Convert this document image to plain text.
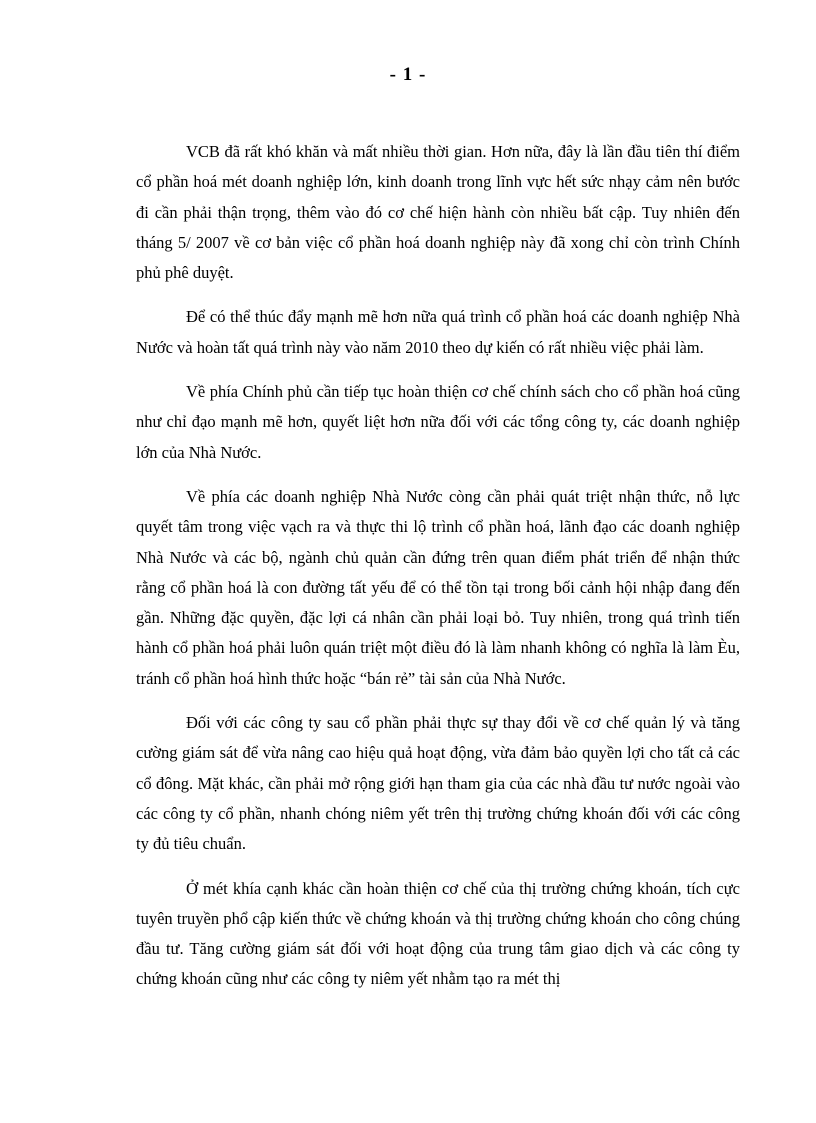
- 1 -

VCB đã rất khó khăn và mất nhiều thời gian. Hơn nữa, đây là lần đầu tiên thí điểm cổ phần hoá mét doanh nghiệp lớn, kinh doanh trong lĩnh vực hết sức nhạy cảm nên bước đi cần phải thận trọng, thêm vào đó cơ chế hiện hành còn nhiều bất cập. Tuy nhiên đến tháng 5/ 2007 về cơ bản việc cổ phần hoá doanh nghiệp này đã xong chỉ còn trình Chính phủ phê duyệt.

Để có thể thúc đẩy mạnh mẽ hơn nữa quá trình cổ phần hoá các doanh nghiệp Nhà Nước và hoàn tất quá trình này vào năm 2010 theo dự kiến có rất nhiều việc phải làm.

Về phía Chính phủ cần tiếp tục hoàn thiện cơ chế chính sách cho cổ phần hoá cũng như chỉ đạo mạnh mẽ hơn, quyết liệt hơn nữa đối với các tổng công ty, các doanh nghiệp lớn của Nhà Nước.

Về phía các doanh nghiệp Nhà Nước còng cần phải quát triệt nhận thức, nỗ lực quyết tâm trong việc vạch ra và thực thi lộ trình cổ phần hoá, lãnh đạo các doanh nghiệp Nhà Nước và các bộ, ngành chủ quản cần đứng trên quan điểm phát triển để nhận thức rằng cổ phần hoá là con đường tất yếu để có thể tồn tại trong bối cảnh hội nhập đang đến gần. Những đặc quyền, đặc lợi cá nhân cần phải loại bỏ. Tuy nhiên, trong quá trình tiến hành cổ phần hoá phải luôn quán triệt một điều đó là làm nhanh không có nghĩa là làm Èu, tránh cổ phần hoá hình thức hoặc “bán rẻ” tài sản của Nhà Nước.

Đối với các công ty sau cổ phần phải thực sự thay đổi về cơ chế quản lý và tăng cường giám sát để vừa nâng cao hiệu quả hoạt động, vừa đảm bảo quyền lợi cho tất cả các cổ đông. Mặt khác, cần phải mở rộng giới hạn tham gia của các nhà đầu tư nước ngoài vào các công ty cổ phần, nhanh chóng niêm yết trên thị trường chứng khoán đối với các công ty đủ tiêu chuẩn.

Ở mét khía cạnh khác cần hoàn thiện cơ chế của thị trường chứng khoán, tích cực tuyên truyền phổ cập kiến thức về chứng khoán và thị trường chứng khoán cho công chúng đầu tư. Tăng cường giám sát đối với hoạt động của trung tâm giao dịch và các công ty chứng khoán cũng như các công ty niêm yết nhằm tạo ra mét thị
